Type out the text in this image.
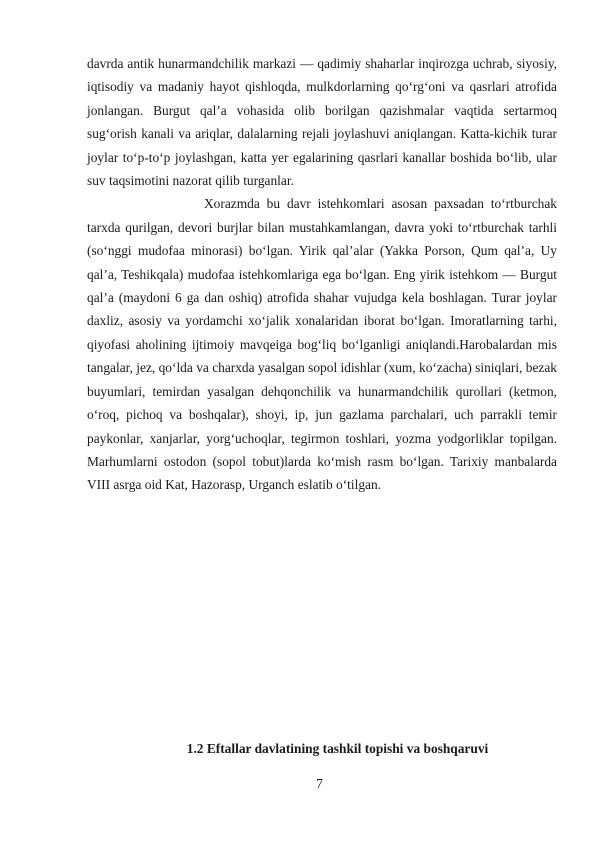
davrda antik hunarmandchilik markazi — qadimiy shaharlar inqirozga uchrab, siyosiy, iqtisodiy va madaniy hayot qishloqda, mulkdorlarning qo‘rg‘oni va qasrlari atrofida jonlangan. Burgut qal’a vohasida olib borilgan qazishmalar vaqtida sertarmoq sug‘orish kanali va ariqlar, dalalarning rejali joylashuvi aniqlangan. Katta-kichik turar joylar to‘p-to‘p joylashgan, katta yer egalarining qasrlari kanallar boshida bo‘lib, ular suv taqsimotini nazorat qilib turganlar.

Xorazmda bu davr istehkomlari asosan paxsadan to‘rtburchak tarxda qurilgan, devori burjlar bilan mustahkamlangan, davra yoki to‘rtburchak tarhli (so‘nggi mudofaa minorasi) bo‘lgan. Yirik qal’alar (Yakka Porson, Qum qal’a, Uy qal’a, Teshikqala) mudofaa istehkomlariga ega bo‘lgan. Eng yirik istehkom — Burgut qal’a (maydoni 6 ga dan oshiq) atrofida shahar vujudga kela boshlagan. Turar joylar daxliz, asosiy va yordamchi xo‘jalik xonalaridan iborat bo‘lgan. Imoratlarning tarhi, qiyofasi aholining ijtimoiy mavqeiga bog‘liq bo‘lganligi aniqlandi.Harobalardan mis tangalar, jez, qo‘lda va charxda yasalgan sopol idishlar (xum, ko‘zacha) siniqlari, bezak buyumlari, temirdan yasalgan dehqonchilik va hunarmandchilik qurollari (ketmon, o‘roq, pichoq va boshqalar), shoyi, ip, jun gazlama parchalari, uch parrakli temir paykonlar, xanjarlar, yorg‘uchoqlar, tegirmon toshlari, yozma yodgorliklar topilgan. Marhumlarni ostodon (sopol tobut)larda ko‘mish rasm bo‘lgan. Tarixiy manbalarda VIII asrga oid Kat, Hazorasp, Urganch eslatib o‘tilgan.

1.2 Eftallar davlatining tashkil topishi va boshqaruvi
7
